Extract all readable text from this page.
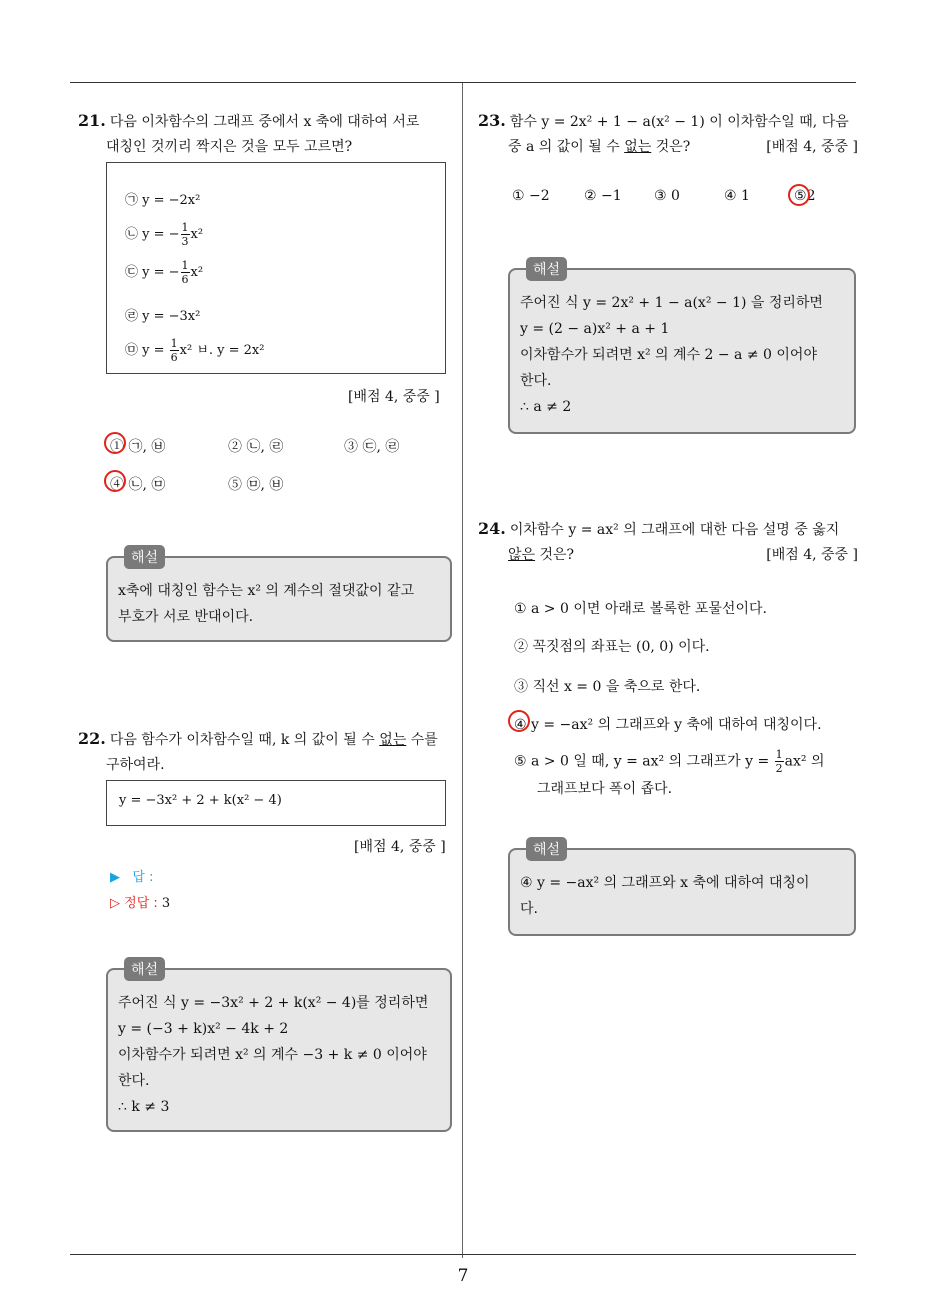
7
21. 다음 이차함수의 그래프 중에서 x 축에 대하여 서로
대칭인 것끼리 짝지은 것을 모두 고르면?
㉠ y = −2x²
㉡ y = − $\frac{1}{3} x^2$
㉢ y = − $\frac{1}{6} x^2$
㉣ y = −3x²
㉤ $y = \frac{1}{6} x^2$ ㅂ. y = 2x²
[배점 4, 중중 ]
① ㉠, ㉥	② ㉡, ㉣	③ ㉢, ㉣
④ ㉡, ㉤	⑤ ㉤, ㉥
해설
x축에 대칭인 함수는 x² 의 계수의 절댓값이 같고
부호가 서로 반대이다.
22. 다음 함수가 이차함수일 때, k 의 값이 될 수 없는 수를
구하여라.
y = −3x² + 2 + k(x² − 4)
[배점 4, 중중 ]
▶ 답 :
▷ 정답 : 3
해설
주어진 식 y = −3x² + 2 + k(x² − 4)를 정리하면
y = (−3 + k)x² − 4k + 2
이차함수가 되려면 x² 의 계수 −3 + k ≠ 0 이어야
한다.
∴ k ≠ 3
23. 함수 y = 2x² + 1 − a(x² − 1) 이 이차함수일 때, 다음
중 a 의 값이 될 수 없는 것은?	[배점 4, 중중 ]
① −2 ② −1 ③ 0	④ 1	⑤2
해설
주어진 식 y = 2x² + 1 − a(x² − 1) 을 정리하면
y = (2 − a)x² + a + 1
이차함수가 되려면 x² 의 계수 2 − a ≠ 0 이어야
한다.
∴ a ≠ 2
24. 이차함수 y = ax² 의 그래프에 대한 다음 설명 중 옳지
않은 것은?	[배점 4, 중중 ]
① a > 0 이면 아래로 볼록한 포물선이다.
② 꼭짓점의 좌표는 (0, 0) 이다.
③ 직선 x = 0 을 축으로 한다.
④ y = −ax² 의 그래프와 y 축에 대하여 대칭이다.
⑤ a > 0 일 때, y = ax² 의 그래프가 $y = \frac{1}{2} ax^2$ 의
그래프보다 폭이 좁다.
해설
④ y = −ax² 의 그래프와 x 축에 대하여 대칭이
다.
